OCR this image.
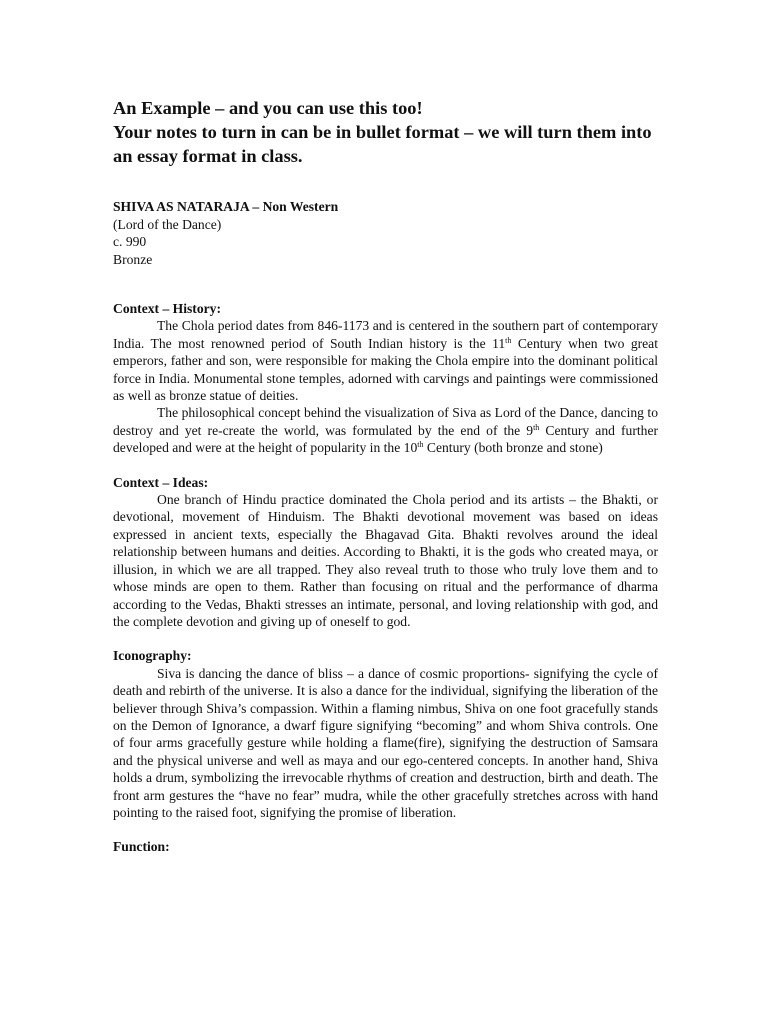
An Example – and you can use this too!
Your notes to turn in can be in bullet format – we will turn them into an essay format in class.

SHIVA AS NATARAJA – Non Western
(Lord of the Dance)
c. 990
Bronze
Context – History:

The Chola period dates from 846-1173 and is centered in the southern part of contemporary India. The most renowned period of South Indian history is the 11th Century when two great emperors, father and son, were responsible for making the Chola empire into the dominant political force in India. Monumental stone temples, adorned with carvings and paintings were commissioned as well as bronze statue of deities.

The philosophical concept behind the visualization of Siva as Lord of the Dance, dancing to destroy and yet re-create the world, was formulated by the end of the 9th Century and further developed and were at the height of popularity in the 10th Century (both bronze and stone)

Context – Ideas:

One branch of Hindu practice dominated the Chola period and its artists – the Bhakti, or devotional, movement of Hinduism. The Bhakti devotional movement was based on ideas expressed in ancient texts, especially the Bhagavad Gita. Bhakti revolves around the ideal relationship between humans and deities. According to Bhakti, it is the gods who created maya, or illusion, in which we are all trapped. They also reveal truth to those who truly love them and to whose minds are open to them. Rather than focusing on ritual and the performance of dharma according to the Vedas, Bhakti stresses an intimate, personal, and loving relationship with god, and the complete devotion and giving up of oneself to god.

Iconography:

Siva is dancing the dance of bliss – a dance of cosmic proportions- signifying the cycle of death and rebirth of the universe. It is also a dance for the individual, signifying the liberation of the believer through Shiva’s compassion. Within a flaming nimbus, Shiva on one foot gracefully stands on the Demon of Ignorance, a dwarf figure signifying “becoming” and whom Shiva controls. One of four arms gracefully gesture while holding a flame(fire), signifying the destruction of Samsara and the physical universe and well as maya and our ego-centered concepts. In another hand, Shiva holds a drum, symbolizing the irrevocable rhythms of creation and destruction, birth and death. The front arm gestures the “have no fear” mudra, while the other gracefully stretches across with hand pointing to the raised foot, signifying the promise of liberation.

Function:
